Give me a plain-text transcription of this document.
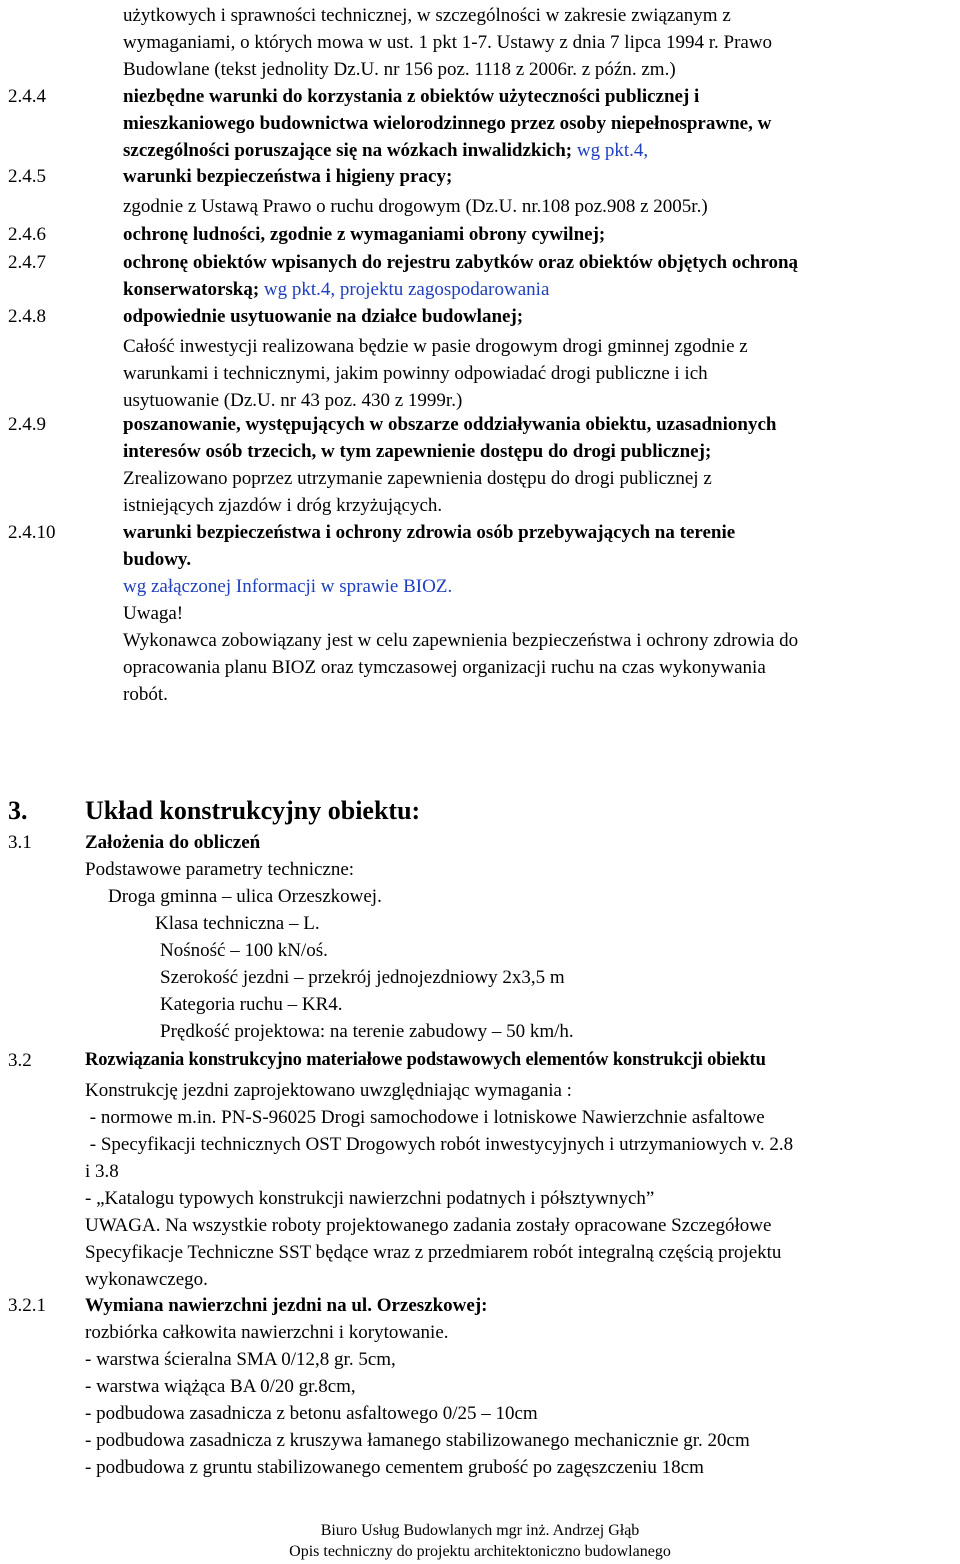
użytkowych i sprawności technicznej, w szczególności w zakresie związanym z
wymaganiami, o których mowa w ust. 1 pkt 1-7. Ustawy z dnia 7 lipca 1994 r. Prawo
Budowlane (tekst jednolity Dz.U. nr 156 poz. 1118 z 2006r. z późn. zm.)
2.4.4	niezbędne warunki do korzystania z obiektów użyteczności publicznej i
mieszkaniowego budownictwa wielorodzinnego przez osoby niepełnosprawne, w
szczególności poruszające się na wózkach inwalidzkich; wg pkt.4,
2.4.5	warunki bezpieczeństwa i higieny pracy;
zgodnie z Ustawą Prawo o ruchu drogowym (Dz.U. nr.108 poz.908 z 2005r.)
2.4.6	ochronę ludności, zgodnie z wymaganiami obrony cywilnej;
2.4.7	ochronę obiektów wpisanych do rejestru zabytków oraz obiektów objętych ochroną
konserwatorską; wg pkt.4, projektu zagospodarowania
2.4.8	odpowiednie usytuowanie na działce budowlanej;
Całość inwestycji realizowana będzie w pasie drogowym drogi gminnej zgodnie z
warunkami i technicznymi, jakim powinny odpowiadać drogi publiczne i ich
usytuowanie (Dz.U. nr 43 poz. 430 z 1999r.)
2.4.9	poszanowanie, występujących w obszarze oddziaływania obiektu, uzasadnionych
interesów osób trzecich, w tym zapewnienie dostępu do drogi publicznej;
Zrealizowano poprzez utrzymanie zapewnienia dostępu do drogi publicznej z
istniejących zjazdów i dróg krzyżujących.
2.4.10	warunki bezpieczeństwa i ochrony zdrowia osób przebywających na terenie
budowy.
wg załączonej Informacji w sprawie BIOZ.
Uwaga!
Wykonawca zobowiązany jest w celu zapewnienia bezpieczeństwa i ochrony zdrowia do
opracowania planu BIOZ oraz tymczasowej organizacji ruchu na czas wykonywania
robót.
3. Układ konstrukcyjny obiektu:
3.1	Założenia do obliczeń
Podstawowe parametry techniczne:
Droga gminna – ulica Orzeszkowej.
Klasa techniczna – L.
Nośność – 100 kN/oś.
Szerokość jezdni – przekrój jednojezdniowy 2x3,5 m
Kategoria ruchu – KR4.
Prędkość projektowa: na terenie zabudowy – 50 km/h.
3.2	Rozwiązania konstrukcyjno materiałowe podstawowych elementów konstrukcji obiektu
Konstrukcję jezdni zaprojektowano uwzględniając wymagania :
- normowe m.in. PN-S-96025 Drogi samochodowe i lotniskowe Nawierzchnie asfaltowe
- Specyfikacji technicznych OST Drogowych robót inwestycyjnych i utrzymaniowych v. 2.8
i 3.8
- „Katalogu typowych konstrukcji nawierzchni podatnych i półsztywnych”
UWAGA. Na wszystkie roboty projektowanego zadania zostały opracowane Szczegółowe
Specyfikacje Techniczne SST będące wraz z przedmiarem robót integralną częścią projektu
wykonawczego.
3.2.1 Wymiana nawierzchni jezdni na ul. Orzeszkowej:
rozbiórka całkowita nawierzchni i korytowanie.
- warstwa ścieralna SMA 0/12,8 gr. 5cm,
- warstwa wiążąca BA 0/20 gr.8cm,
- podbudowa zasadnicza z betonu asfaltowego 0/25 – 10cm
- podbudowa zasadnicza z kruszywa łamanego stabilizowanego mechanicznie gr. 20cm
- podbudowa z gruntu stabilizowanego cementem grubość po zagęszczeniu 18cm
Biuro Usług Budowlanych mgr inż. Andrzej Głąb
Opis techniczny do projektu architektoniczno budowlanego
